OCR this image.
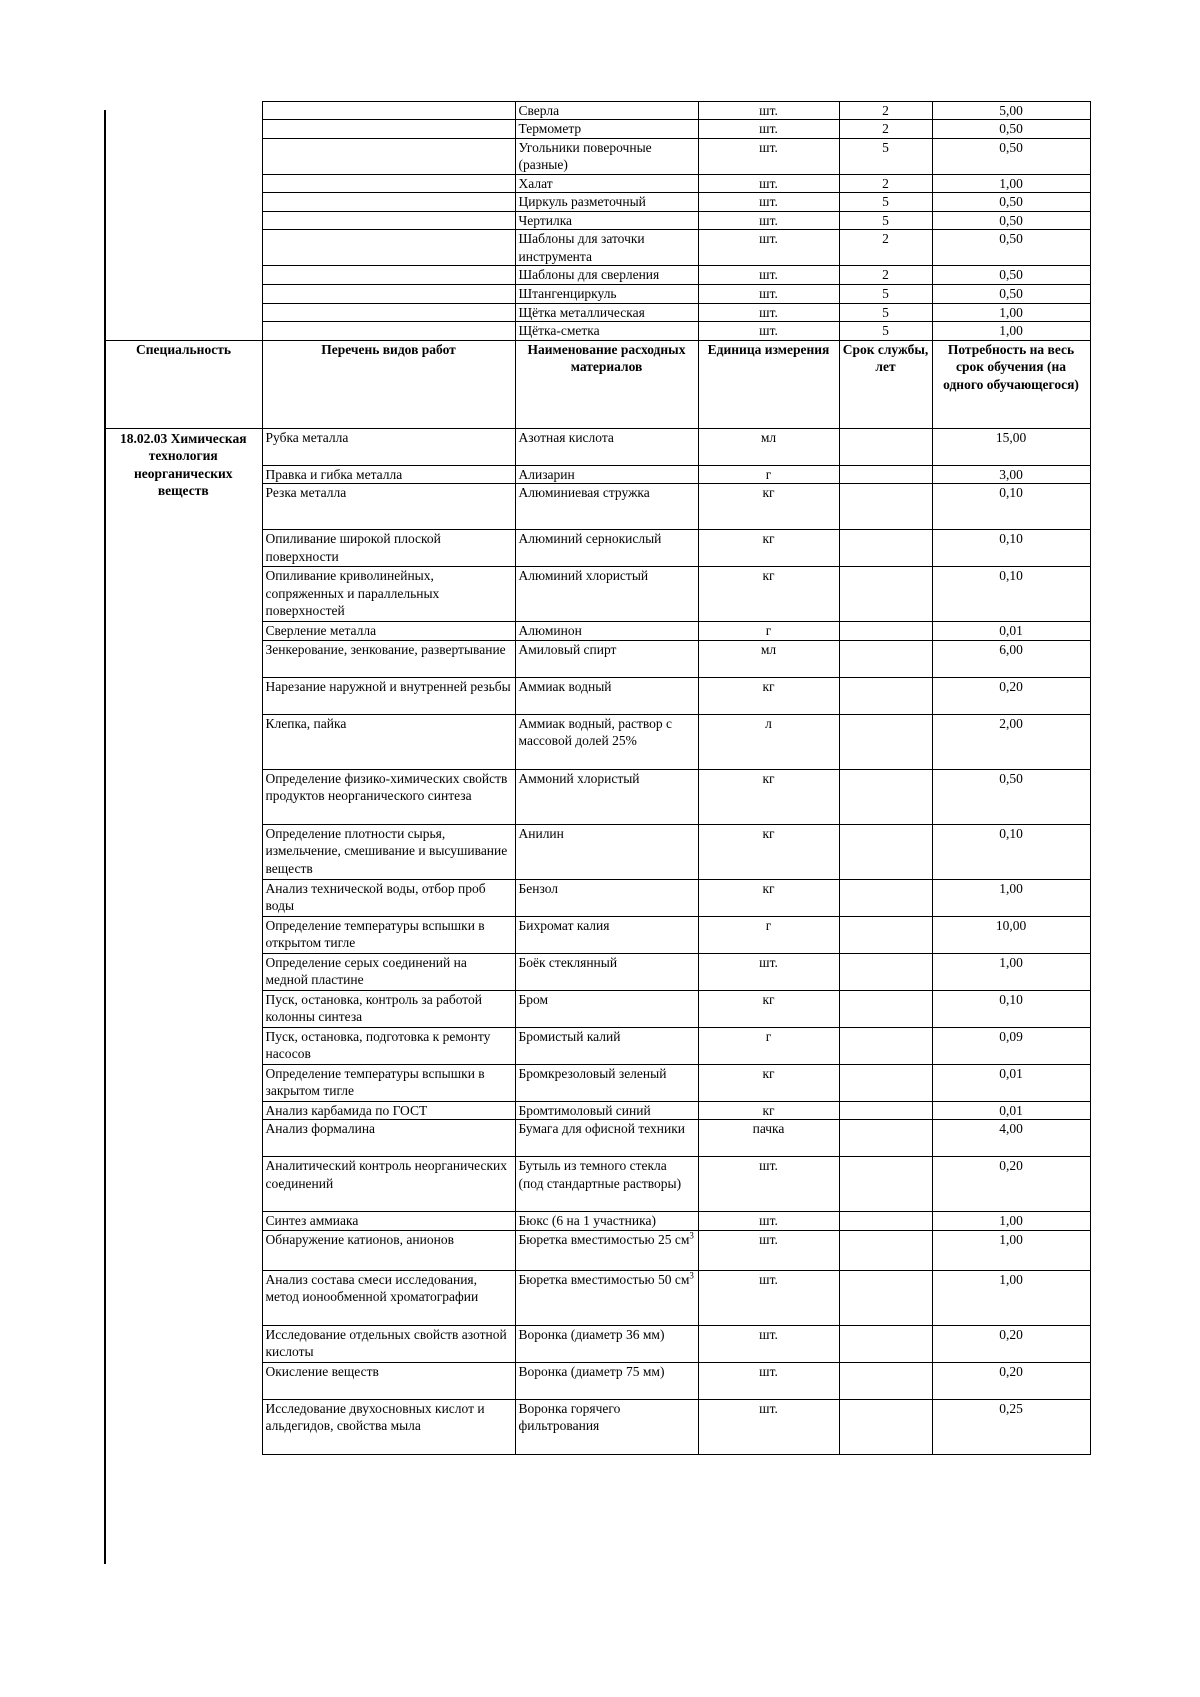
			Сверла	шт.	2	5,00
			Термометр	шт.	2	0,50
			Угольники поверочные (разные)	шт.	5	0,50
			Халат	шт.	2	1,00
			Циркуль разметочный	шт.	5	0,50
			Чертилка	шт.	5	0,50
			Шаблоны для заточки инструмента	шт.	2	0,50
			Шаблоны для сверления	шт.	2	0,50
			Штангенциркуль	шт.	5	0,50
			Щётка металлическая	шт.	5	1,00
			Щётка-сметка	шт.	5	1,00
	Специальность	Перечень видов работ	Наименование расходных материалов	Единица измерения	Срок службы, лет	Потребность на весь срок обучения (на одного обучающегося)

	18.02.03 Химическая технология неорганических веществ	Рубка металла	Азотная кислота	мл		15,00
		Правка и гибка металла	Ализарин	г		3,00
		Резка металла	Алюминиевая стружка	кг		0,10
		Опиливание широкой плоской поверхности	Алюминий сернокислый	кг		0,10
		Опиливание криволинейных, сопряженных и параллельных поверхностей	Алюминий хлористый	кг		0,10
		Сверление металла	Алюминон	г		0,01
		Зенкерование, зенкование, развертывание	Амиловый спирт	мл		6,00
		Нарезание наружной и внутренней резьбы	Аммиак водный	кг		0,20
		Клепка, пайка	Аммиак водный, раствор с массовой долей 25%	л		2,00
		Определение физико-химических свойств продуктов неорганического синтеза	Аммоний хлористый	кг		0,50
		Определение плотности сырья, измельчение, смешивание и высушивание веществ	Анилин	кг		0,10
		Анализ технической воды, отбор проб воды	Бензол	кг		1,00
		Определение температуры вспышки в открытом тигле	Бихромат калия	г		10,00
		Определение серых соединений на медной пластине	Боёк стеклянный	шт.		1,00
		Пуск, остановка, контроль за работой колонны синтеза	Бром	кг		0,10
		Пуск, остановка, подготовка к ремонту насосов	Бромистый калий	г		0,09
		Определение температуры вспышки в закрытом тигле	Бромкрезоловый зеленый	кг		0,01
		Анализ карбамида по ГОСТ	Бромтимоловый синий	кг		0,01
		Анализ формалина	Бумага для офисной техники	пачка		4,00
		Аналитический контроль неорганических соединений	Бутыль из темного стекла (под стандартные растворы)	шт.		0,20
		Синтез аммиака	Бюкс (6 на 1 участника)	шт.		1,00
		Обнаружение катионов, анионов	Бюретка вместимостью 25 $см^3$	шт.		1,00
		Анализ состава смеси исследования, метод ионообменной хроматографии	Бюретка вместимостью 50 $см^3$	шт.		1,00
		Исследование отдельных свойств азотной кислоты	Воронка (диаметр 36 мм)	шт.		0,20
		Окисление веществ	Воронка (диаметр 75 мм)	шт.		0,20
		Исследование двухосновных кислот и альдегидов, свойства мыла	Воронка горячего фильтрования	шт.		0,25
